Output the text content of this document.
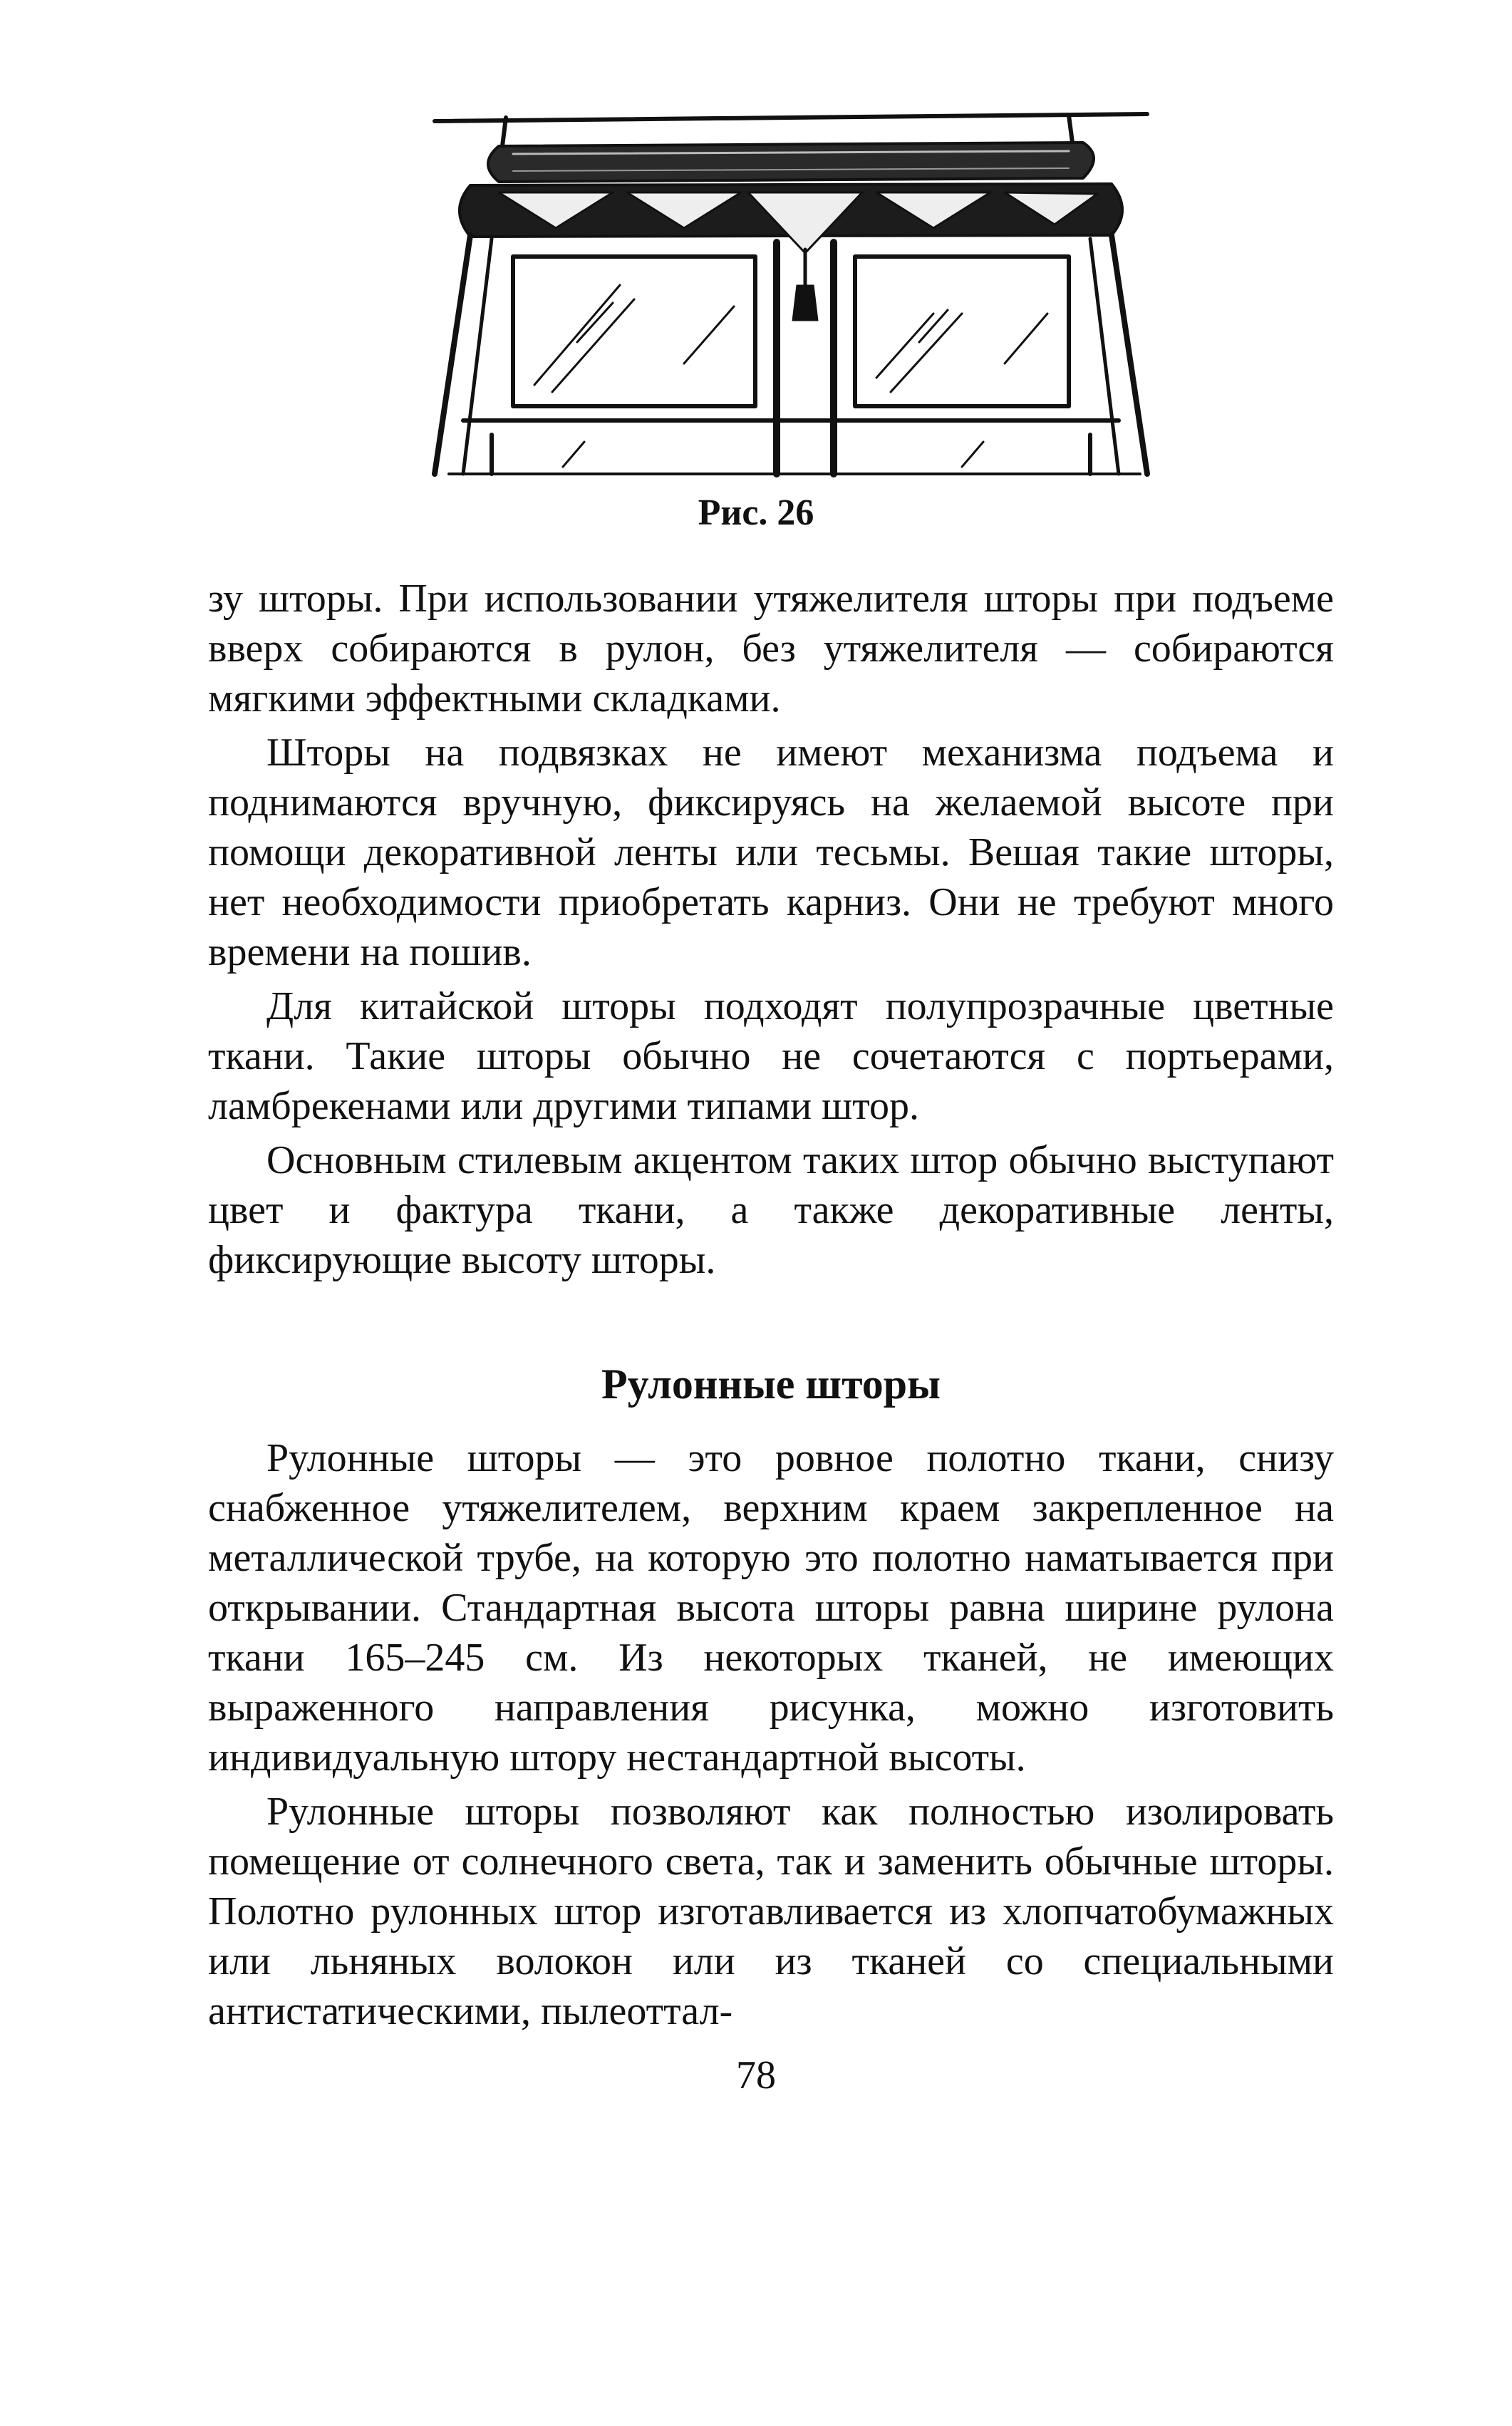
Рис. 26

зу шторы. При использовании утяжелителя шторы при подъеме вверх собираются в рулон, без утяжелителя — собираются мягкими эффектными складками.

Шторы на подвязках не имеют механизма подъема и поднимаются вручную, фиксируясь на желаемой высоте при помощи декоративной ленты или тесьмы. Вешая такие шторы, нет необходимости приобретать карниз. Они не требуют много времени на пошив.

Для китайской шторы подходят полупрозрачные цветные ткани. Такие шторы обычно не сочетаются с портьерами, ламбрекенами или другими типами штор.

Основным стилевым акцентом таких штор обычно выступают цвет и фактура ткани, а также декоративные ленты, фиксирующие высоту шторы.

Рулонные шторы

Рулонные шторы — это ровное полотно ткани, снизу снабженное утяжелителем, верхним краем закрепленное на металлической трубе, на которую это полотно наматывается при открывании. Стандартная высота шторы равна ширине рулона ткани 165–245 см. Из некоторых тканей, не имеющих выраженного направления рисунка, можно изготовить индивидуальную штору нестандартной высоты.

Рулонные шторы позволяют как полностью изолировать помещение от солнечного света, так и заменить обычные шторы. Полотно рулонных штор изготавливается из хлопчатобумажных или льняных волокон или из тканей со специальными антистатическими, пылеоттал-

78
